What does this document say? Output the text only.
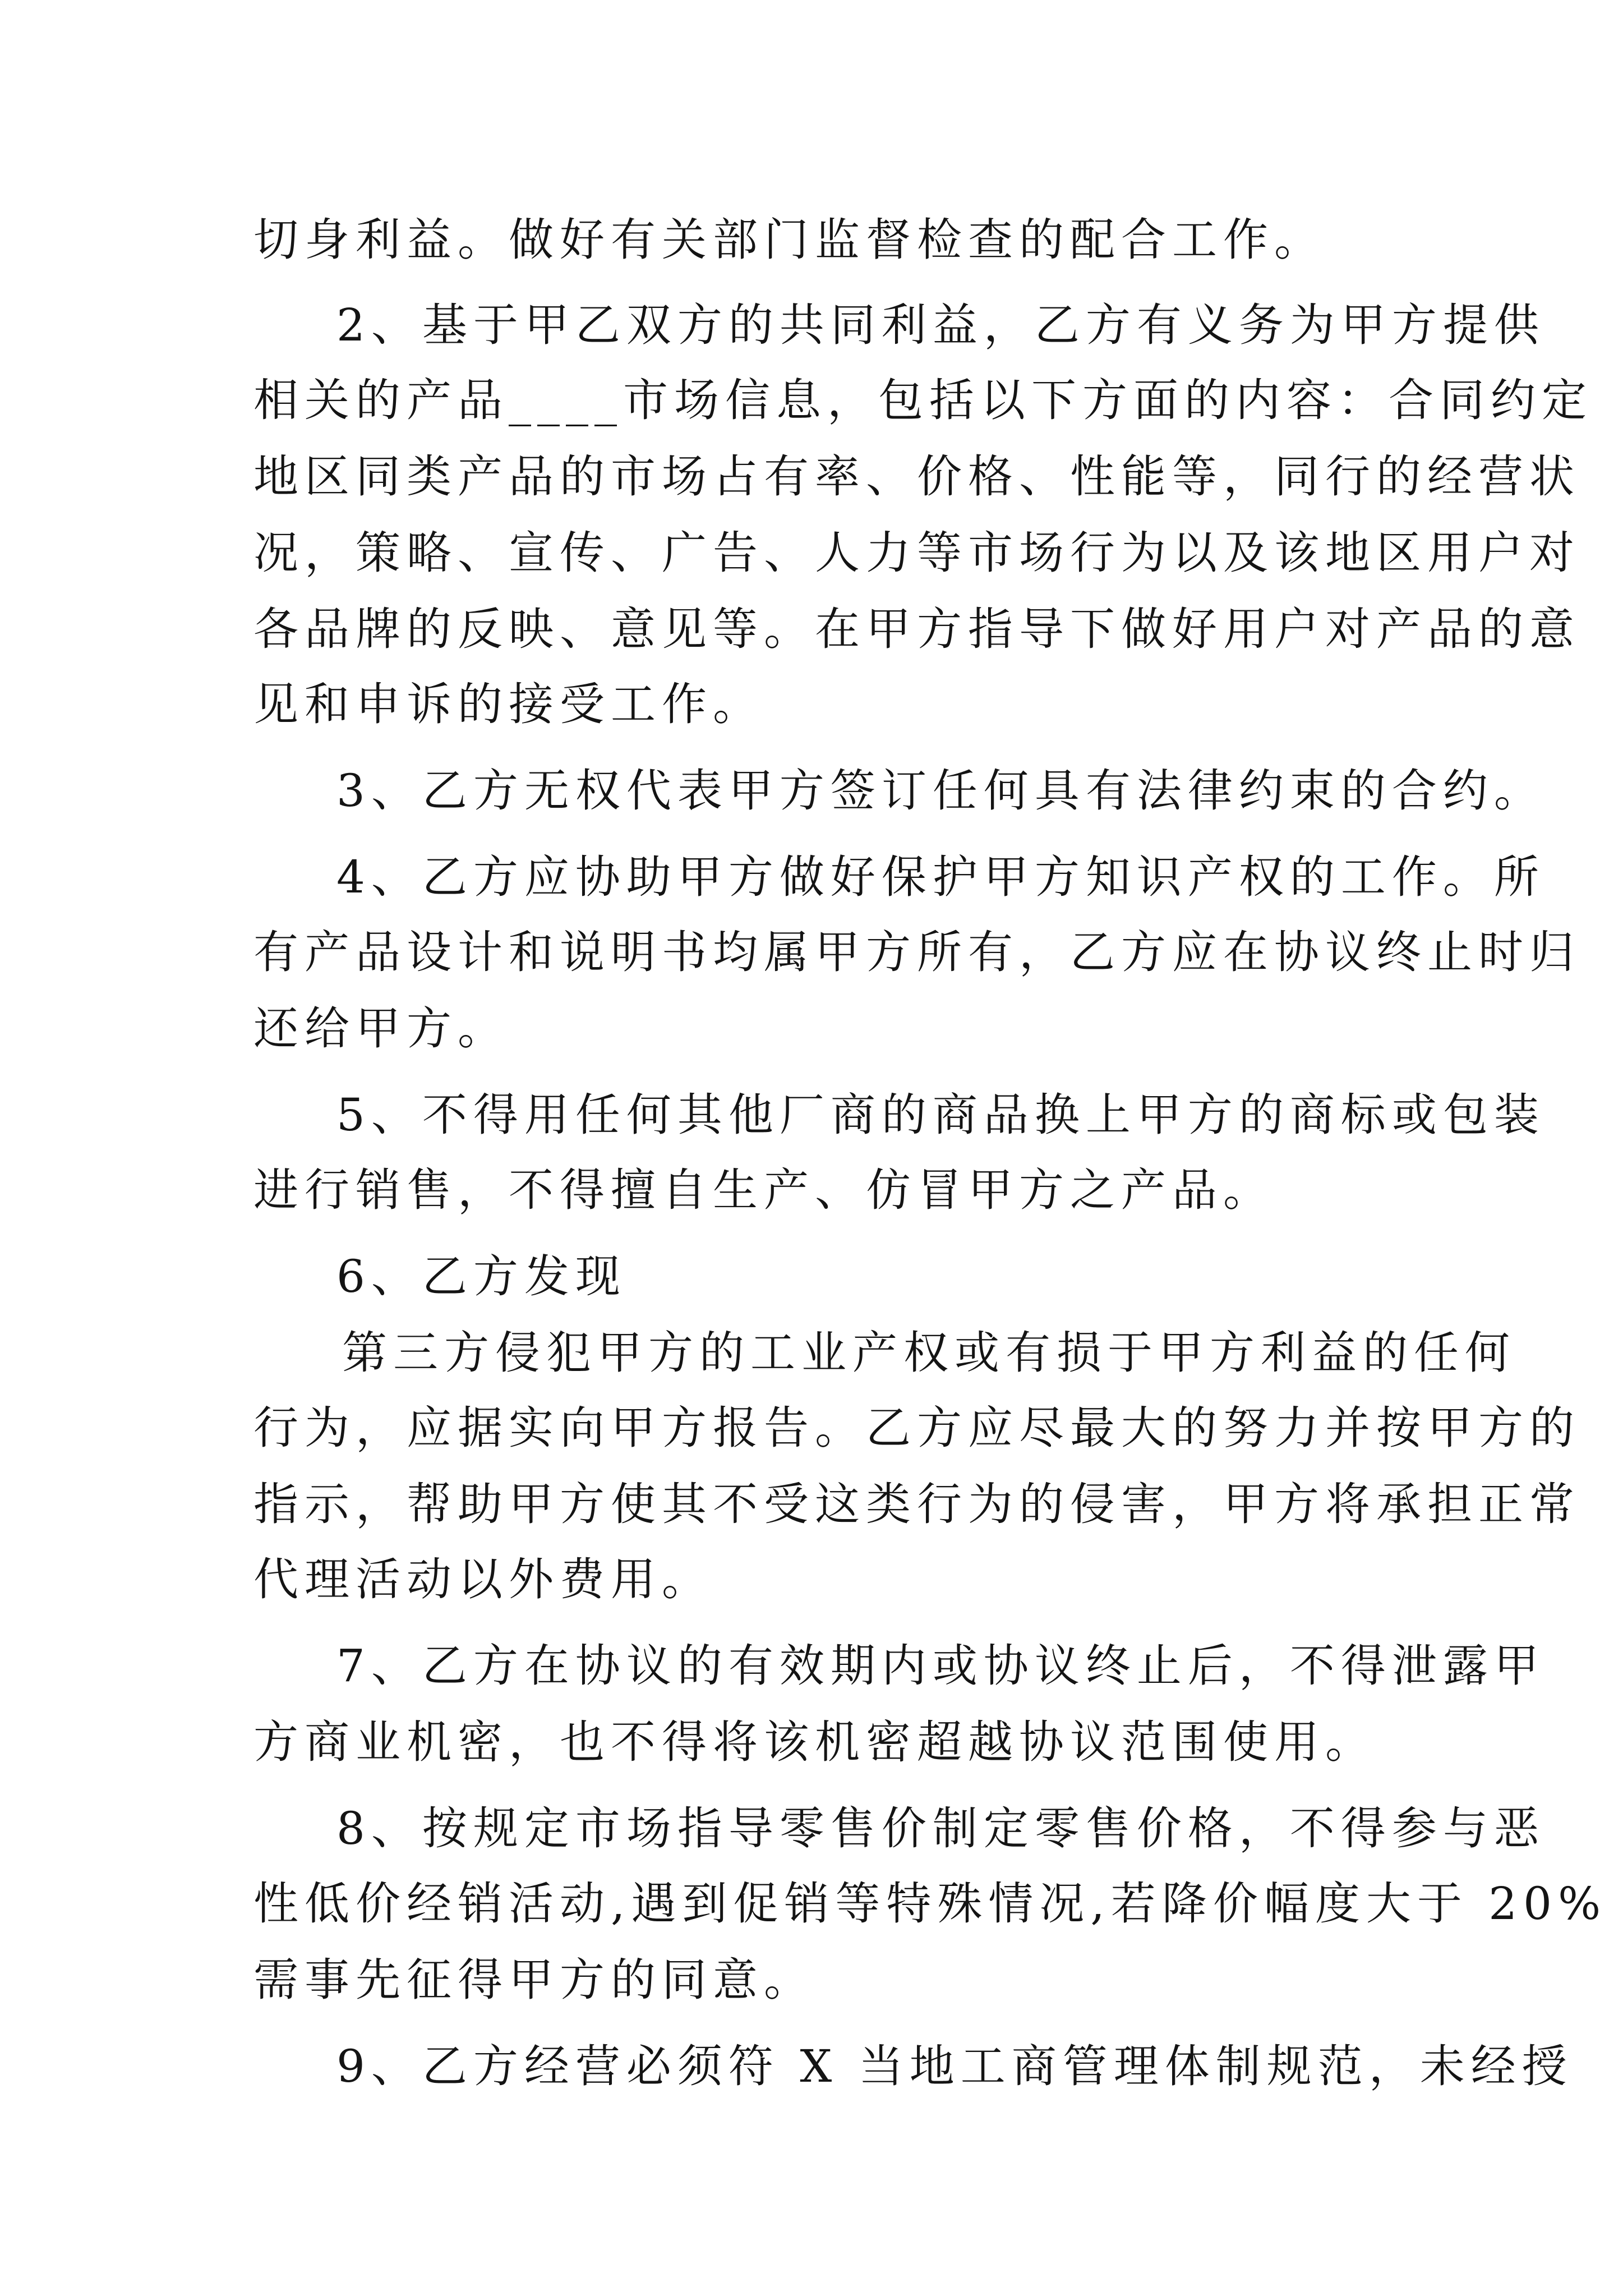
切身利益。做好有关部门监督检查的配合工作。
2、基于甲乙双方的共同利益，乙方有义务为甲方提供
相关的产品____市场信息，包括以下方面的内容：合同约定
地区同类产品的市场占有率、价格、性能等，同行的经营状
况，策略、宣传、广告、人力等市场行为以及该地区用户对
各品牌的反映、意见等。在甲方指导下做好用户对产品的意
见和申诉的接受工作。
3、乙方无权代表甲方签订任何具有法律约束的合约。
4、乙方应协助甲方做好保护甲方知识产权的工作。所
有产品设计和说明书均属甲方所有，乙方应在协议终止时归
还给甲方。
5、不得用任何其他厂商的商品换上甲方的商标或包装
进行销售，不得擅自生产、仿冒甲方之产品。
6、乙方发现
第三方侵犯甲方的工业产权或有损于甲方利益的任何
行为，应据实向甲方报告。乙方应尽最大的努力并按甲方的
指示，帮助甲方使其不受这类行为的侵害，甲方将承担正常
代理活动以外费用。
7、乙方在协议的有效期内或协议终止后，不得泄露甲
方商业机密，也不得将该机密超越协议范围使用。
8、按规定市场指导零售价制定零售价格，不得参与恶
性低价经销活动,遇到促销等特殊情况,若降价幅度大于 20%
需事先征得甲方的同意。
9、乙方经营必须符 X 当地工商管理体制规范，未经授
